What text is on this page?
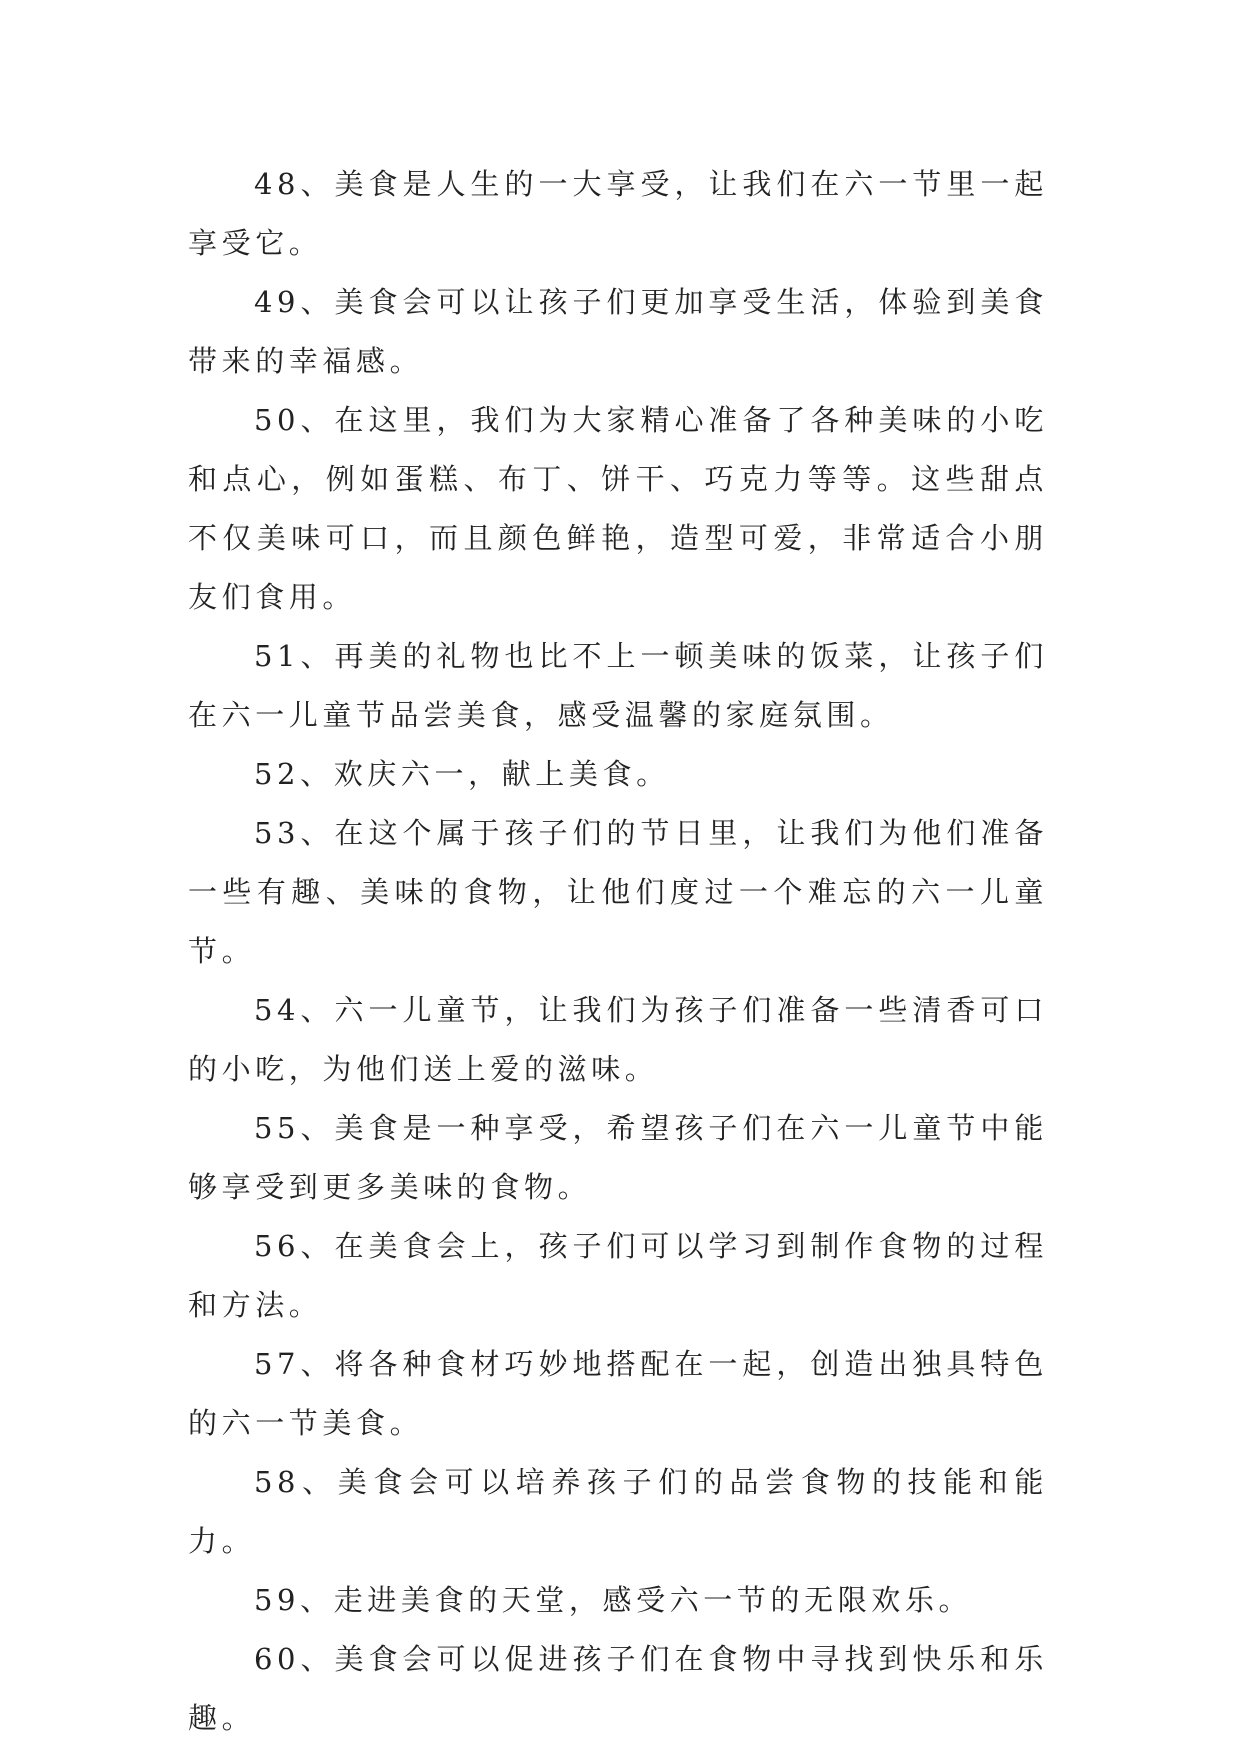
48、美食是人生的一大享受，让我们在六一节里一起享受它。

49、美食会可以让孩子们更加享受生活，体验到美食带来的幸福感。

50、在这里，我们为大家精心准备了各种美味的小吃和点心，例如蛋糕、布丁、饼干、巧克力等等。这些甜点不仅美味可口，而且颜色鲜艳，造型可爱，非常适合小朋友们食用。

51、再美的礼物也比不上一顿美味的饭菜，让孩子们在六一儿童节品尝美食，感受温馨的家庭氛围。

52、欢庆六一，献上美食。

53、在这个属于孩子们的节日里，让我们为他们准备一些有趣、美味的食物，让他们度过一个难忘的六一儿童节。

54、六一儿童节，让我们为孩子们准备一些清香可口的小吃，为他们送上爱的滋味。

55、美食是一种享受，希望孩子们在六一儿童节中能够享受到更多美味的食物。

56、在美食会上，孩子们可以学习到制作食物的过程和方法。

57、将各种食材巧妙地搭配在一起，创造出独具特色的六一节美食。

58、美食会可以培养孩子们的品尝食物的技能和能力。

59、走进美食的天堂，感受六一节的无限欢乐。

60、美食会可以促进孩子们在食物中寻找到快乐和乐趣。
